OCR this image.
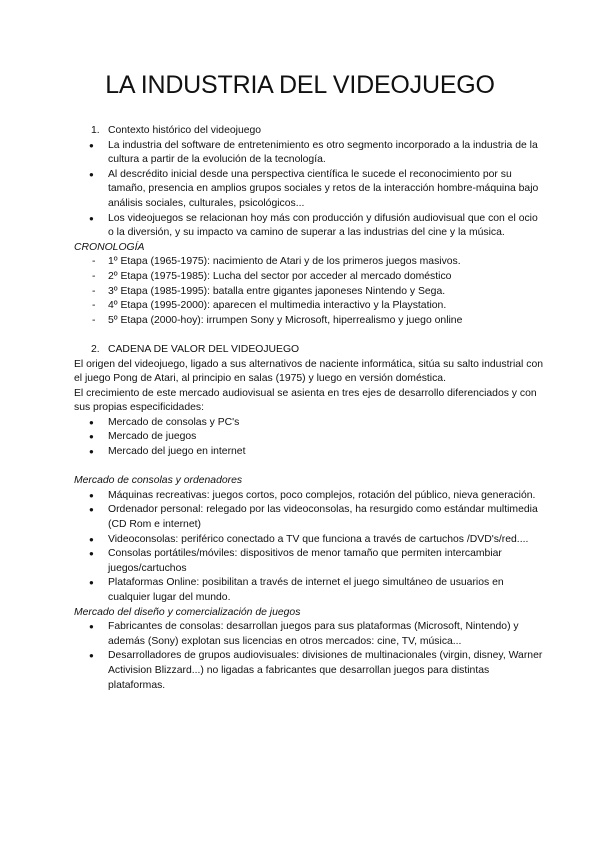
LA INDUSTRIA DEL VIDEOJUEGO
1. Contexto histórico del videojuego
● La industria del software de entretenimiento es otro segmento incorporado a la industria de la cultura a partir de la evolución de la tecnología.
● Al descrédito inicial desde una perspectiva científica le sucede el reconocimiento por su tamaño, presencia en amplios grupos sociales y retos de la interacción hombre-máquina bajo análisis sociales, culturales, psicológicos...
● Los videojuegos se relacionan hoy más con producción y difusión audiovisual que con el ocio o la diversión, y su impacto va camino de superar a las industrias del cine y la música.
CRONOLOGÍA
- 1º Etapa (1965-1975): nacimiento de Atari y de los primeros juegos masivos.
- 2º Etapa (1975-1985): Lucha del sector por acceder al mercado doméstico
- 3º Etapa (1985-1995): batalla entre gigantes japoneses Nintendo y Sega.
- 4º Etapa (1995-2000): aparecen el multimedia interactivo y la Playstation.
- 5º Etapa (2000-hoy): irrumpen Sony y Microsoft, hiperrealismo y juego online
2. CADENA DE VALOR DEL VIDEOJUEGO
El origen del videojuego, ligado a sus alternativos de naciente informática, sitúa su salto industrial con el juego Pong de Atari, al principio en salas (1975) y luego en versión doméstica.
El crecimiento de este mercado audiovisual se asienta en tres ejes de desarrollo diferenciados y con sus propias especificidades:
● Mercado de consolas y PC's
● Mercado de juegos
● Mercado del juego en internet
Mercado de consolas y ordenadores
● Máquinas recreativas: juegos cortos, poco complejos, rotación del público, nieva generación.
● Ordenador personal: relegado por las videoconsolas, ha resurgido como estándar multimedia (CD Rom e internet)
● Videoconsolas: periférico conectado a TV que funciona a través de cartuchos /DVD's/red....
● Consolas portátiles/móviles: dispositivos de menor tamaño que permiten intercambiar juegos/cartuchos
● Plataformas Online: posibilitan a través de internet el juego simultáneo de usuarios en cualquier lugar del mundo.
Mercado del diseño y comercialización de juegos
● Fabricantes de consolas: desarrollan juegos para sus plataformas (Microsoft, Nintendo) y además (Sony) explotan sus licencias en otros mercados: cine, TV, música...
● Desarrolladores de grupos audiovisuales: divisiones de multinacionales (virgin, disney, Warner Activision Blizzard...) no ligadas a fabricantes que desarrollan juegos para distintas plataformas.
